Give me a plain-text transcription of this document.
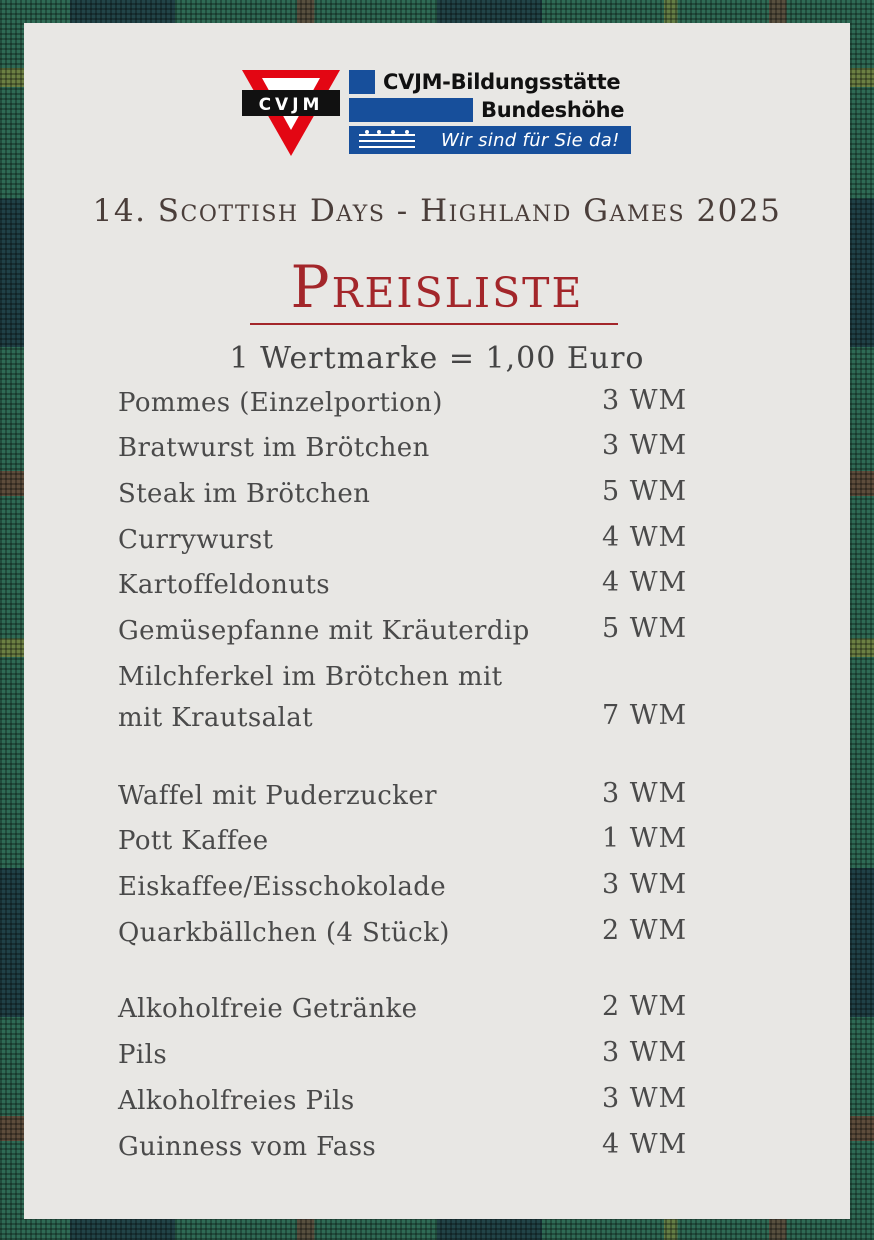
CVJM
CVJM-Bildungsstätte
Bundeshöhe
Wir sind für Sie da!
14. Scottish Days - Highland Games 2025
Preisliste
1 Wertmarke = 1,00 Euro
Pommes (Einzelportion)	3 WM
Bratwurst im Brötchen	3 WM
Steak im Brötchen	5 WM
Currywurst	4 WM
Kartoffeldonuts	4 WM
Gemüsepfanne mit Kräuterdip	5 WM
Milchferkel im Brötchen mit
mit Krautsalat	7 WM
Waffel mit Puderzucker	3 WM
Pott Kaffee	1 WM
Eiskaffee/Eisschokolade	3 WM
Quarkbällchen (4 Stück)	2 WM
Alkoholfreie Getränke	2 WM
Pils	3 WM
Alkoholfreies Pils	3 WM
Guinness vom Fass	4 WM
